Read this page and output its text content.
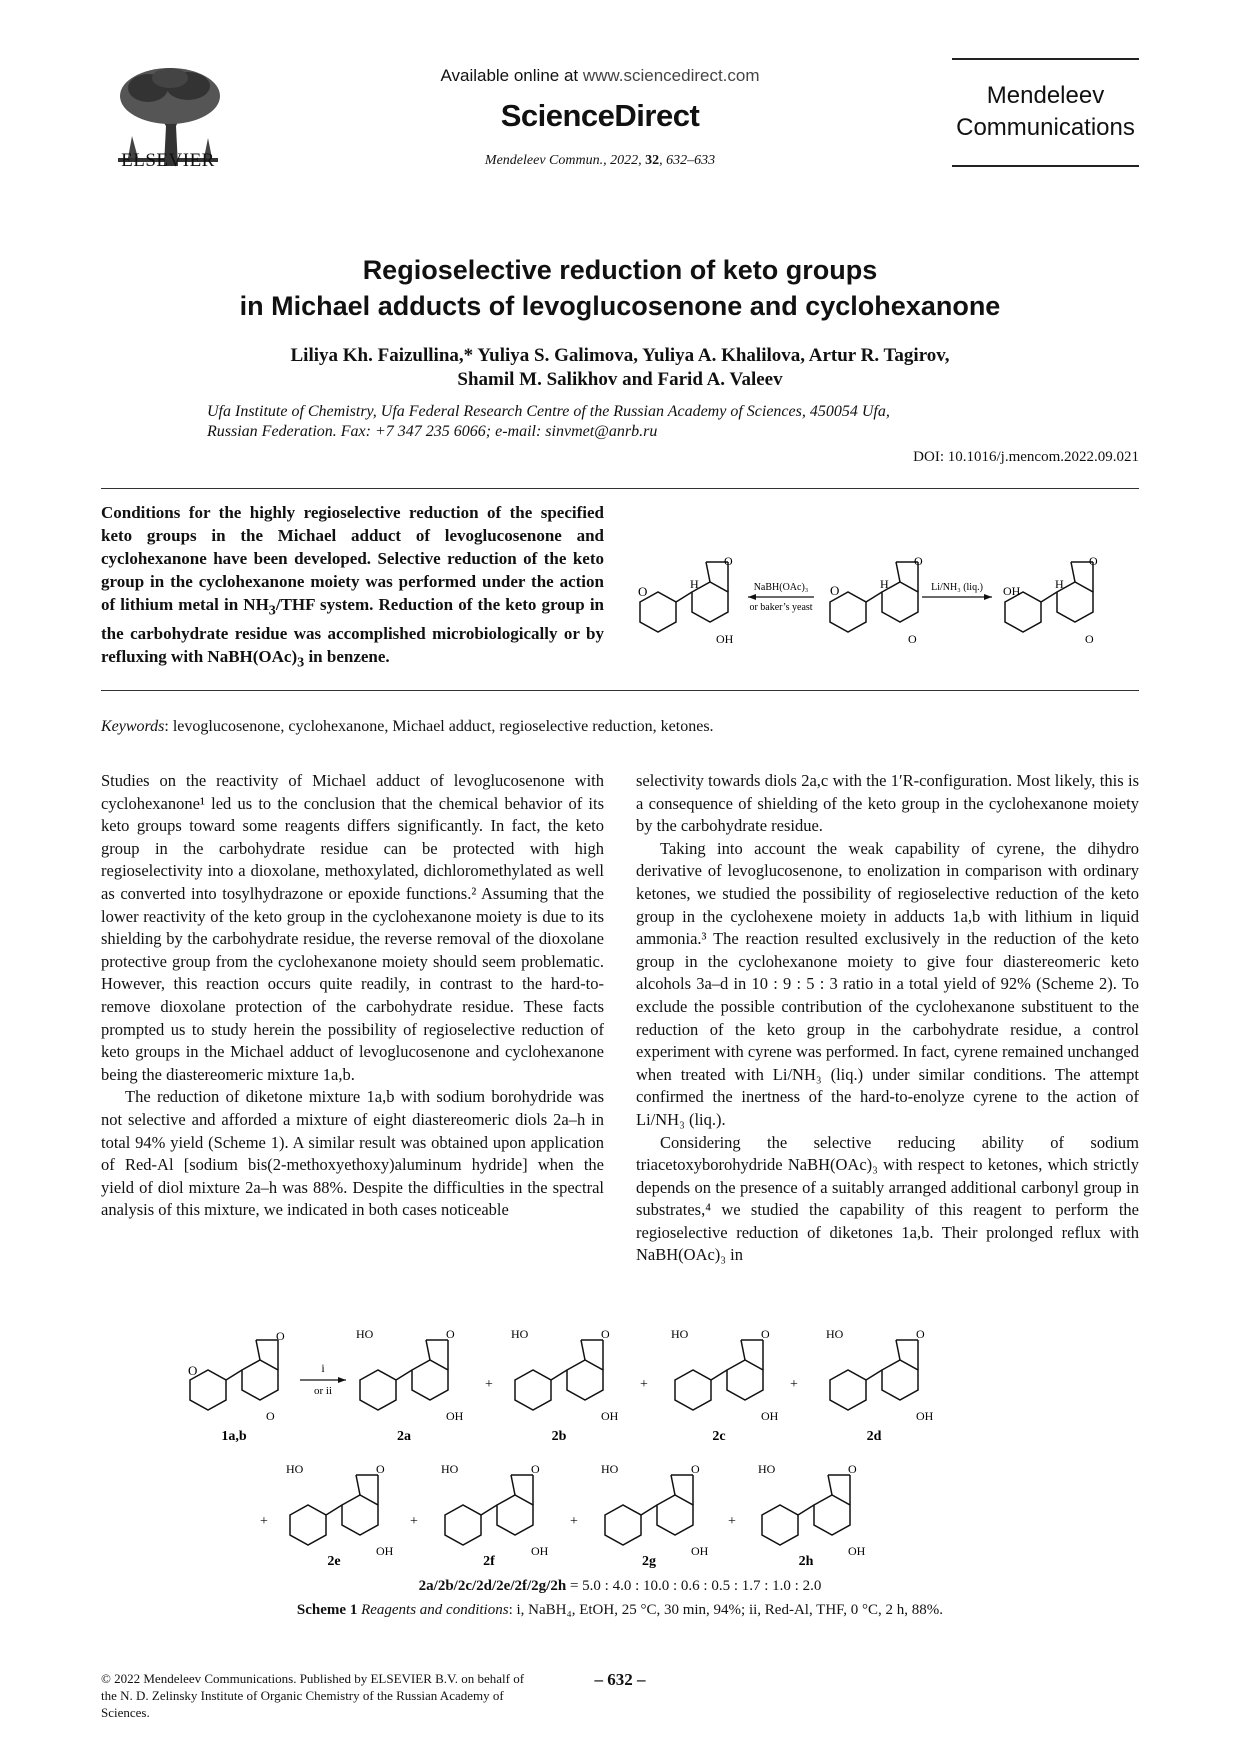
ELSEVIER
Available online at www.sciencedirect.com
ScienceDirect
Mendeleev Commun., 2022, 32, 632–633
Mendeleev
Communications
Regioselective reduction of keto groups
in Michael adducts of levoglucosenone and cyclohexanone
Liliya Kh. Faizullina,* Yuliya S. Galimova, Yuliya A. Khalilova, Artur R. Tagirov,
Shamil M. Salikhov and Farid A. Valeev
Ufa Institute of Chemistry, Ufa Federal Research Centre of the Russian Academy of Sciences, 450054 Ufa,
Russian Federation. Fax: +7 347 235 6066; e-mail: sinvmet@anrb.ru
DOI: 10.1016/j.mencom.2022.09.021
Conditions for the highly regioselective reduction of the specified keto groups in the Michael adduct of levoglucosenone and cyclohexanone have been developed. Selective reduction of the keto group in the cyclohexanone moiety was performed under the action of lithium metal in $NH_3$/THF system. Reduction of the keto group in the carbohydrate residue was accomplished microbiologically or by refluxing with $NaBH(OAc)_3$ in benzene.
O	H
O
OH
NaBH(OAc)₃
or baker’s yeast
O	H
O
O
Li/NH₃ (liq.) OH	H
O
O
Keywords: levoglucosenone, cyclohexanone, Michael adduct, regioselective reduction, ketones.

Studies on the reactivity of Michael adduct of levoglucosenone with cyclohexanone¹ led us to the conclusion that the chemical behavior of its keto groups toward some reagents differs significantly. In fact, the keto group in the carbohydrate residue can be protected with high regioselectivity into a dioxolane, methoxylated, dichloromethylated as well as converted into tosylhydrazone or epoxide functions.² Assuming that the lower reactivity of the keto group in the cyclohexanone moiety is due to its shielding by the carbohydrate residue, the reverse removal of the dioxolane protective group from the cyclohexanone moiety should seem problematic. However, this reaction occurs quite readily, in contrast to the hard-to-remove dioxolane protection of the carbohydrate residue. These facts prompted us to study herein the possibility of regioselective reduction of keto groups in the Michael adduct of levoglucosenone and cyclohexanone being the diastereomeric mixture 1a,b.

The reduction of diketone mixture 1a,b with sodium borohydride was not selective and afforded a mixture of eight diastereomeric diols 2a–h in total 94% yield (Scheme 1). A similar result was obtained upon application of Red-Al [sodium bis(2-methoxyethoxy)aluminum hydride] when the yield of diol mixture 2a–h was 88%. Despite the difficulties in the spectral analysis of this mixture, we indicated in both cases noticeable

selectivity towards diols 2a,c with the 1′R-configuration. Most likely, this is a consequence of shielding of the keto group in the cyclohexanone moiety by the carbohydrate residue.

Taking into account the weak capability of cyrene, the dihydro derivative of levoglucosenone, to enolization in comparison with ordinary ketones, we studied the possibility of regioselective reduction of the keto group in the cyclohexene moiety in adducts 1a,b with lithium in liquid ammonia.³ The reaction resulted exclusively in the reduction of the keto group in the cyclohexanone moiety to give four diastereomeric keto alcohols 3a–d in 10 : 9 : 5 : 3 ratio in a total yield of 92% (Scheme 2). To exclude the possible contribution of the cyclohexanone substituent to the reduction of the keto group in the carbohydrate residue, a control experiment with cyrene was performed. In fact, cyrene remained unchanged when treated with Li/NH₃ (liq.) under similar conditions. The attempt confirmed the inertness of the hard-to-enolyze cyrene to the action of Li/NH₃ (liq.).

Considering the selective reducing ability of sodium triacetoxyborohydride NaBH(OAc)₃ with respect to ketones, which strictly depends on the presence of a suitably arranged additional carbonyl group in substrates,⁴ we studied the capability of this reagent to perform the regioselective reduction of diketones 1a,b. Their prolonged reflux with NaBH(OAc)₃ in

O
O
O
1a,b
i
or ii
HO	O
OH
2a
+
HO	O
OH
2b
+
HO	O
OH
2c
+
HO	O
OH
2d
+
HO	O
OH
2e
+
HO	O
OH
2f
+
HO	O
OH
2g
+
HO	O
OH
2h
2a/2b/2c/2d/2e/2f/2g/2h = 5.0 : 4.0 : 10.0 : 0.6 : 0.5 : 1.7 : 1.0 : 2.0
Scheme 1 Reagents and conditions: i, NaBH₄, EtOH, 25 °C, 30 min, 94%; ii, Red-Al, THF, 0 °C, 2 h, 88%.
© 2022 Mendeleev Communications. Published by ELSEVIER B.V. on behalf of the N. D. Zelinsky Institute of Organic Chemistry of the Russian Academy of Sciences.
– 632 –
